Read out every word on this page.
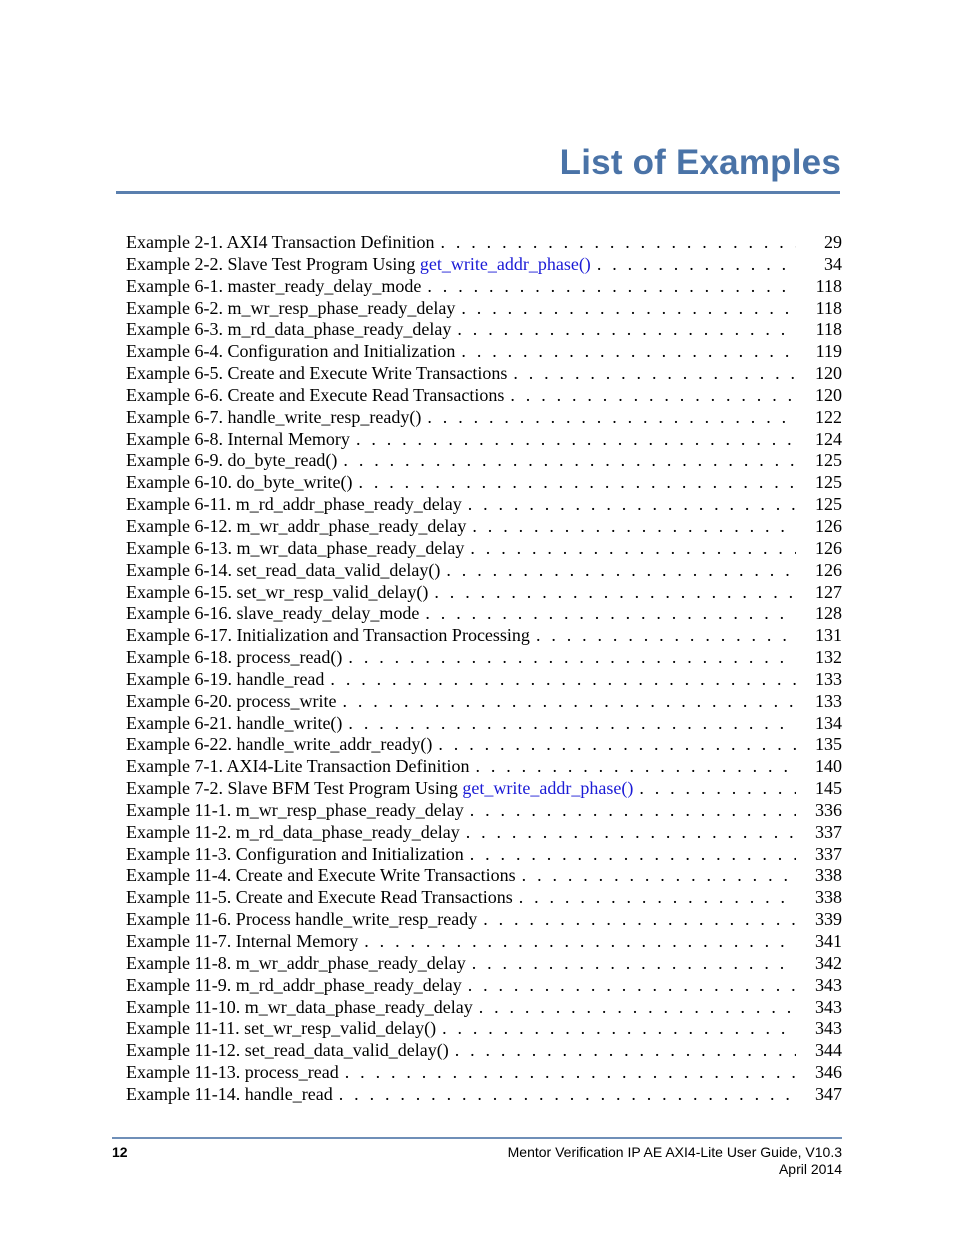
List of Examples
Example 2-1. AXI4 Transaction Definition . . .	29
Example 2-2. Slave Test Program Using get_write_addr_phase() . . .	34
Example 6-1. master_ready_delay_mode . . .	118
Example 6-2. m_wr_resp_phase_ready_delay . . .	118
Example 6-3. m_rd_data_phase_ready_delay . . .	118
Example 6-4. Configuration and Initialization . . .	119
Example 6-5. Create and Execute Write Transactions . . .	120
Example 6-6. Create and Execute Read Transactions . . .	120
Example 6-7. handle_write_resp_ready() . . .	122
Example 6-8. Internal Memory . . .	124
Example 6-9. do_byte_read() . . .	125
Example 6-10. do_byte_write() . . .	125
Example 6-11. m_rd_addr_phase_ready_delay . . .	125
Example 6-12. m_wr_addr_phase_ready_delay . . .	126
Example 6-13. m_wr_data_phase_ready_delay . . .	126
Example 6-14. set_read_data_valid_delay() . . .	126
Example 6-15. set_wr_resp_valid_delay() . . .	127
Example 6-16. slave_ready_delay_mode . . .	128
Example 6-17. Initialization and Transaction Processing . . .	131
Example 6-18. process_read() . . .	132
Example 6-19. handle_read . . .	133
Example 6-20. process_write . . .	133
Example 6-21. handle_write() . . .	134
Example 6-22. handle_write_addr_ready() . . .	135
Example 7-1. AXI4-Lite Transaction Definition . . .	140
Example 7-2. Slave BFM Test Program Using get_write_addr_phase() . . .	145
Example 11-1. m_wr_resp_phase_ready_delay . . .	336
Example 11-2. m_rd_data_phase_ready_delay . . .	337
Example 11-3. Configuration and Initialization . . .	337
Example 11-4. Create and Execute Write Transactions . . .	338
Example 11-5. Create and Execute Read Transactions . . .	338
Example 11-6. Process handle_write_resp_ready . . .	339
Example 11-7. Internal Memory . . .	341
Example 11-8. m_wr_addr_phase_ready_delay . . .	342
Example 11-9. m_rd_addr_phase_ready_delay . . .	343
Example 11-10. m_wr_data_phase_ready_delay . . .	343
Example 11-11. set_wr_resp_valid_delay() . . .	343
Example 11-12. set_read_data_valid_delay() . . .	344
Example 11-13. process_read . . .	346
Example 11-14. handle_read . . .	347
12	Mentor Verification IP AE AXI4-Lite User Guide, V10.3
April 2014
